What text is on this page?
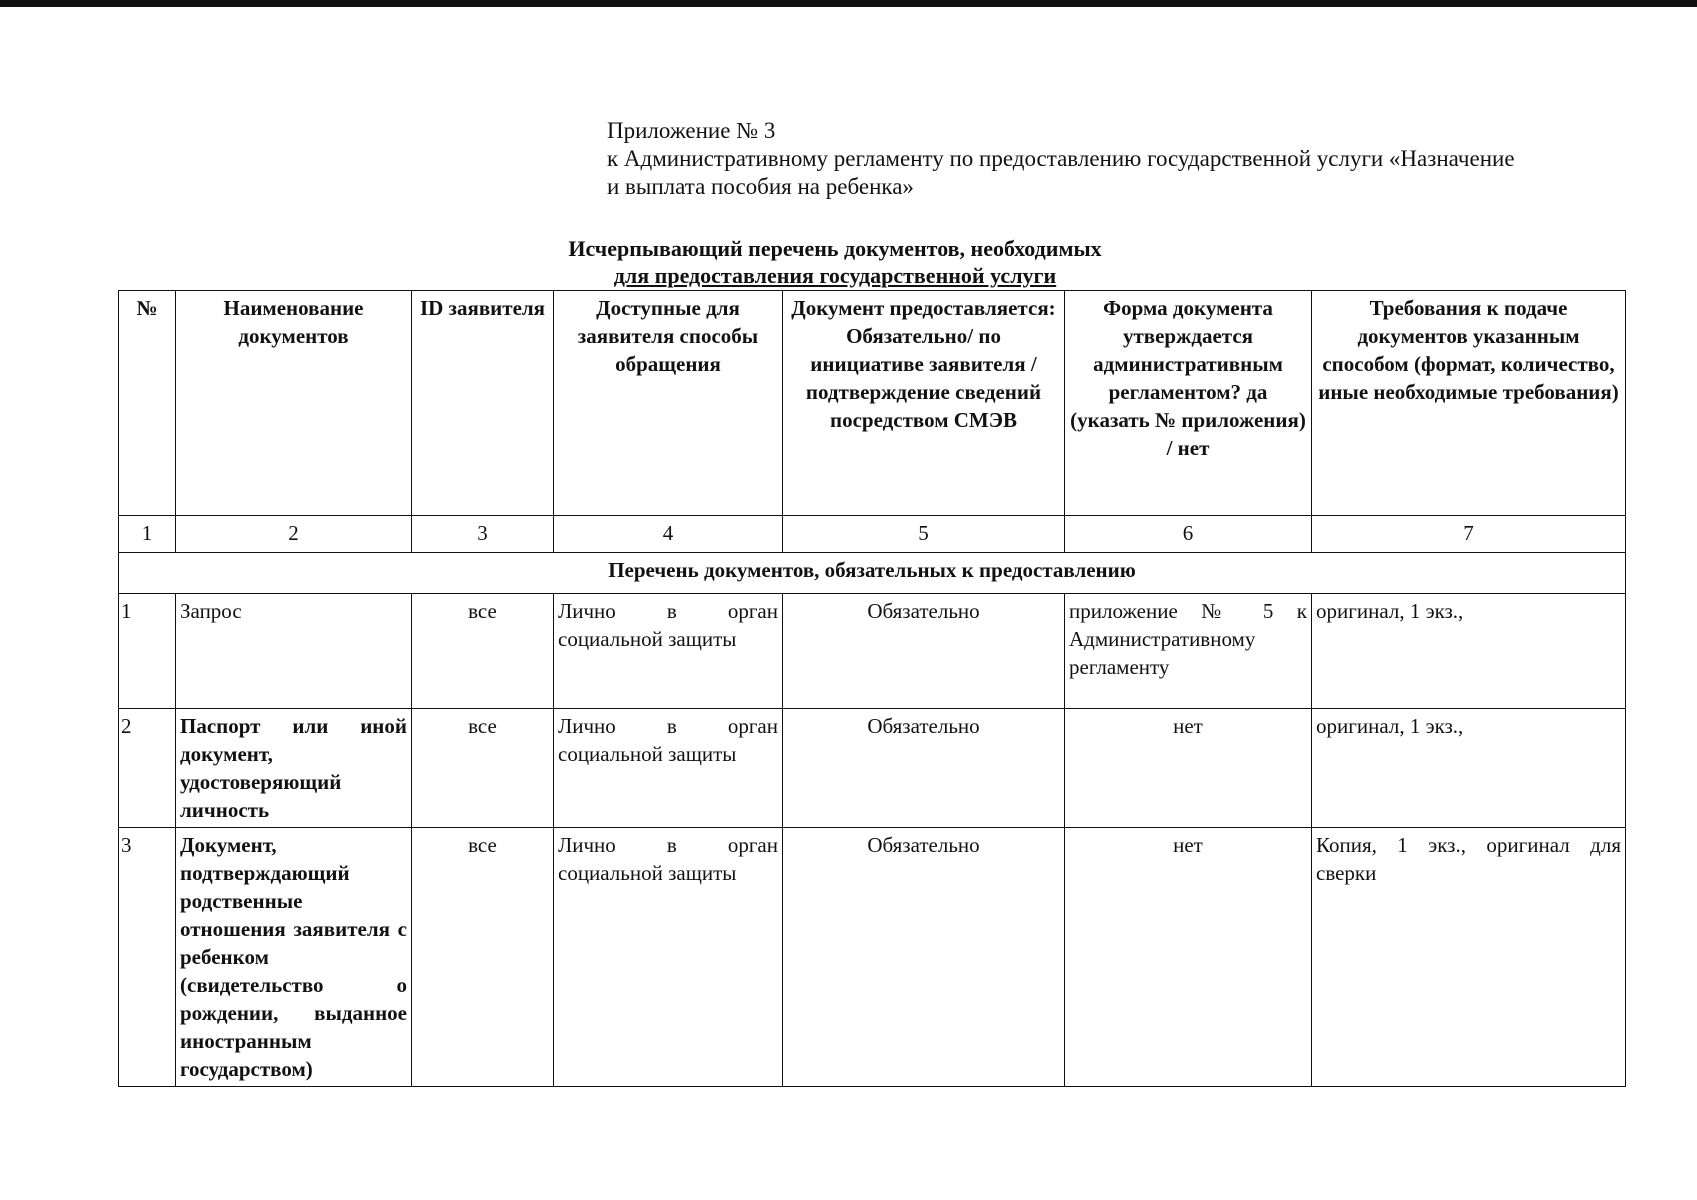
Приложение № 3
к Административному регламенту по предоставлению государственной услуги «Назначение
и выплата пособия на ребенка»
Исчерпывающий перечень документов, необходимых
для предоставления государственной услуги
№	Наименование документов	ID заявителя	Доступные для заявителя способы обращения	Документ предоставляется: Обязательно/ по инициативе заявителя /подтверждение сведений посредством СМЭВ	Форма документа утверждается административным регламентом? да (указать № приложения) / нет	Требования к подаче документов указанным способом (формат, количество, иные необходимые требования)
1	2	3	4	5	6	7
Перечень документов, обязательных к предоставлению						
1	Запрос	все	Лично в орган социальной защиты	Обязательно	приложение № 5 к Административному регламенту	оригинал, 1 экз.,
2	Паспорт или иной документ, удостоверяющий личность	все	Лично в орган социальной защиты	Обязательно	нет	оригинал, 1 экз.,
3	Документ, подтверждающий родственные отношения заявителя с ребенком (свидетельство о рождении, выданное иностранным государством)	все	Лично в орган социальной защиты	Обязательно	нет	Копия, 1 экз., оригинал для сверки
